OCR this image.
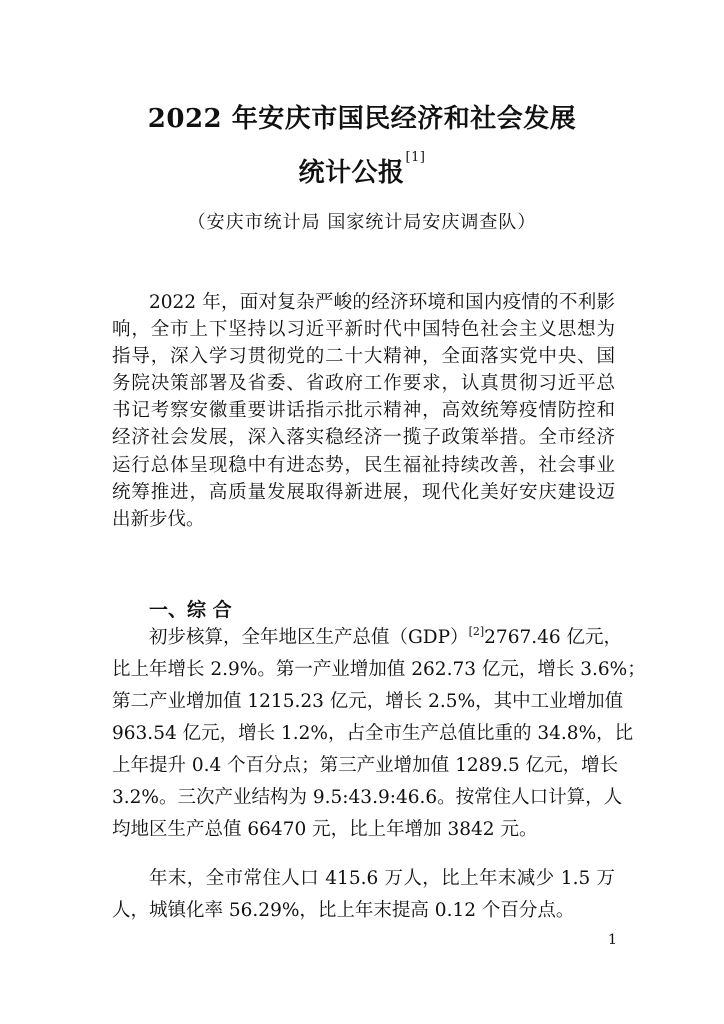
2022 年安庆市国民经济和社会发展
统计公报[1]
（安庆市统计局 国家统计局安庆调查队）
2022 年，面对复杂严峻的经济环境和国内疫情的不利影
响，全市上下坚持以习近平新时代中国特色社会主义思想为
指导，深入学习贯彻党的二十大精神，全面落实党中央、国
务院决策部署及省委、省政府工作要求，认真贯彻习近平总
书记考察安徽重要讲话指示批示精神，高效统筹疫情防控和
经济社会发展，深入落实稳经济一揽子政策举措。全市经济
运行总体呈现稳中有进态势，民生福祉持续改善，社会事业
统筹推进，高质量发展取得新进展，现代化美好安庆建设迈
出新步伐。
一、综 合
初步核算，全年地区生产总值（GDP）[2]2767.46 亿元，
比上年增长 2.9%。第一产业增加值 262.73 亿元，增长 3.6%；
第二产业增加值 1215.23 亿元，增长 2.5%，其中工业增加值
963.54 亿元，增长 1.2%，占全市生产总值比重的 34.8%，比
上年提升 0.4 个百分点；第三产业增加值 1289.5 亿元，增长
3.2%。三次产业结构为 9.5:43.9:46.6。按常住人口计算，人
均地区生产总值 66470 元，比上年增加 3842 元。
年末，全市常住人口 415.6 万人，比上年末减少 1.5 万
人，城镇化率 56.29%，比上年末提高 0.12 个百分点。
1
